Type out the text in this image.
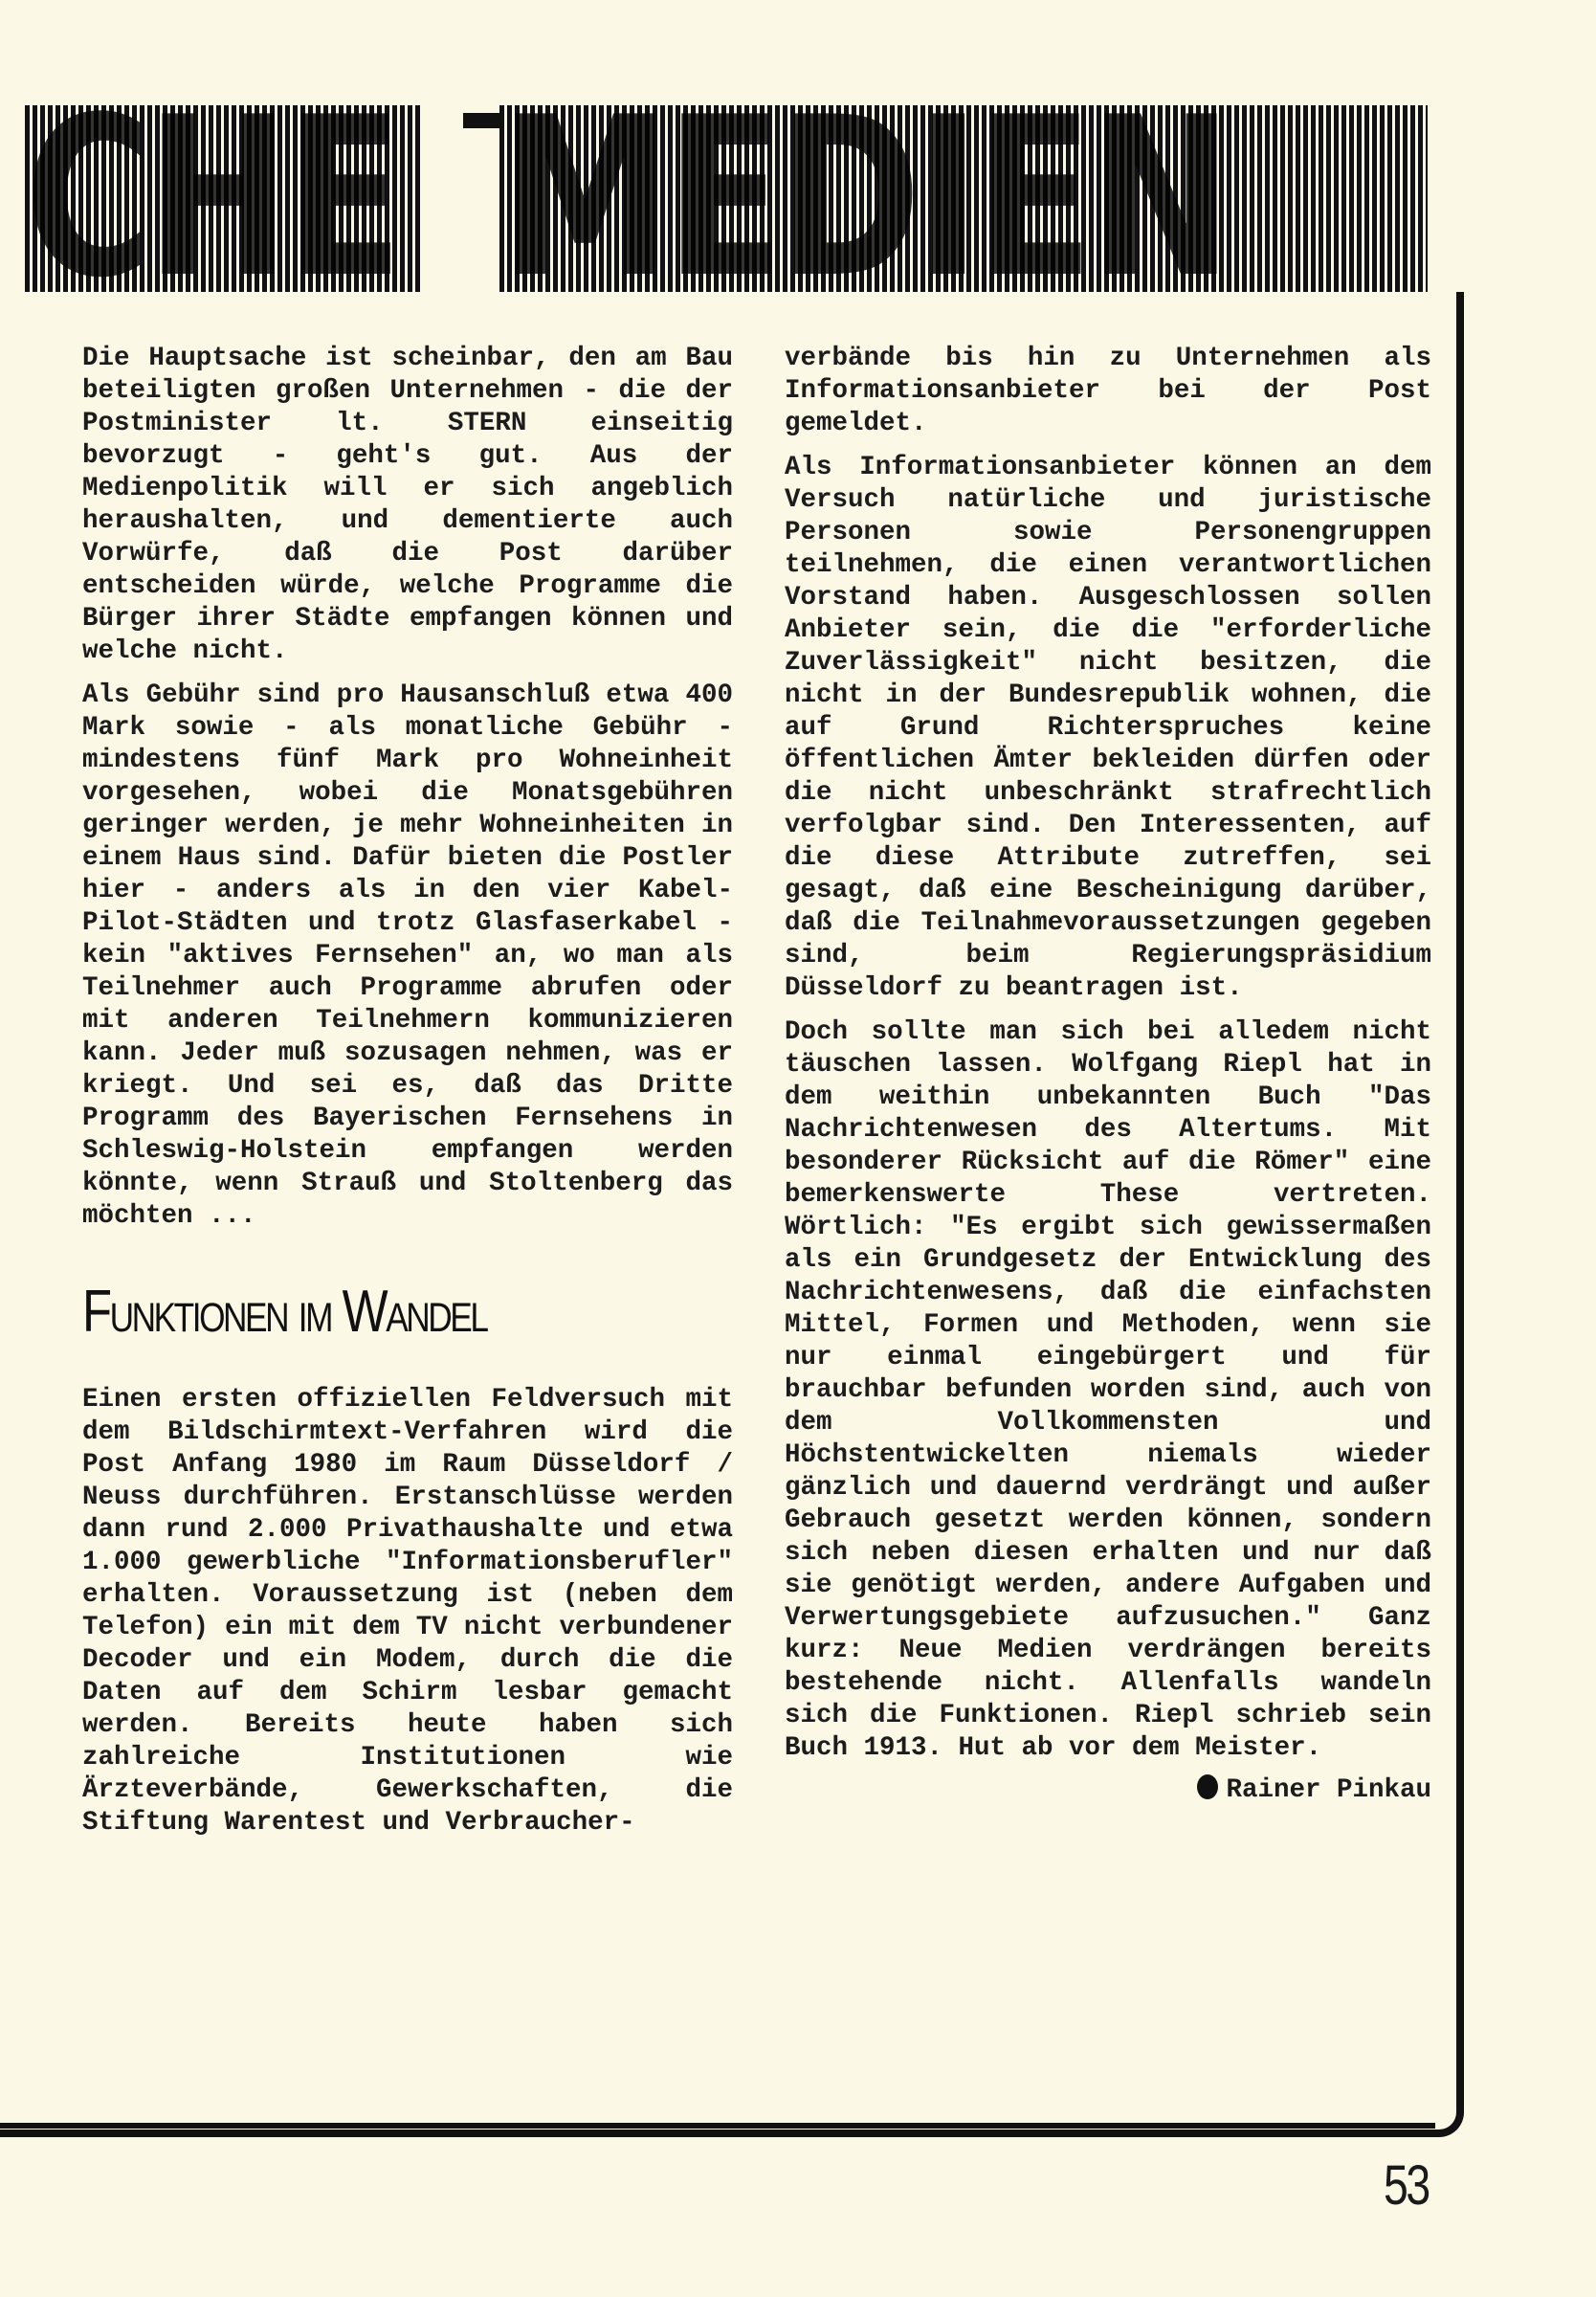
CHE MEDIEN

Die Hauptsache ist scheinbar, den am Bau beteiligten großen Unternehmen - die der Postminister lt. STERN einseitig bevorzugt - geht's gut. Aus der Medienpolitik will er sich angeblich heraushalten, und dementierte auch Vorwürfe, daß die Post darüber entscheiden würde, welche Programme die Bürger ihrer Städte empfangen können und welche nicht.

Als Gebühr sind pro Hausanschluß etwa 400 Mark sowie - als monatliche Gebühr - mindestens fünf Mark pro Wohneinheit vorgesehen, wobei die Monatsgebühren geringer werden, je mehr Wohneinheiten in einem Haus sind. Dafür bieten die Postler hier - anders als in den vier Kabel-Pilot-Städten und trotz Glasfaserkabel - kein "aktives Fernsehen" an, wo man als Teilnehmer auch Programme abrufen oder mit anderen Teilnehmern kommunizieren kann. Jeder muß sozusagen nehmen, was er kriegt. Und sei es, daß das Dritte Programm des Bayerischen Fernsehens in Schleswig-Holstein empfangen werden könnte, wenn Strauß und Stoltenberg das möchten ...

Funktionen im Wandel

Einen ersten offiziellen Feldversuch mit dem Bildschirmtext-Verfahren wird die Post Anfang 1980 im Raum Düsseldorf / Neuss durchführen. Erstanschlüsse werden dann rund 2.000 Privathaushalte und etwa 1.000 gewerbliche "Informationsberufler" erhalten. Voraussetzung ist (neben dem Telefon) ein mit dem TV nicht verbundener Decoder und ein Modem, durch die die Daten auf dem Schirm lesbar gemacht werden. Bereits heute haben sich zahlreiche Institutionen wie Ärzteverbände, Gewerkschaften, die Stiftung Warentest und Verbraucher-

verbände bis hin zu Unternehmen als Informationsanbieter bei der Post gemeldet.

Als Informationsanbieter können an dem Versuch natürliche und juristische Personen sowie Personengruppen teilnehmen, die einen verantwortlichen Vorstand haben. Ausgeschlossen sollen Anbieter sein, die die "erforderliche Zuverlässigkeit" nicht besitzen, die nicht in der Bundesrepublik wohnen, die auf Grund Richterspruches keine öffentlichen Ämter bekleiden dürfen oder die nicht unbeschränkt strafrechtlich verfolgbar sind. Den Interessenten, auf die diese Attribute zutreffen, sei gesagt, daß eine Bescheinigung darüber, daß die Teilnahmevoraussetzungen gegeben sind, beim Regierungspräsidium Düsseldorf zu beantragen ist.

Doch sollte man sich bei alledem nicht täuschen lassen. Wolfgang Riepl hat in dem weithin unbekannten Buch "Das Nachrichtenwesen des Altertums. Mit besonderer Rücksicht auf die Römer" eine bemerkenswerte These vertreten. Wörtlich: "Es ergibt sich gewissermaßen als ein Grundgesetz der Entwicklung des Nachrichtenwesens, daß die einfachsten Mittel, Formen und Methoden, wenn sie nur einmal eingebürgert und für brauchbar befunden worden sind, auch von dem Vollkommensten und Höchstentwickelten niemals wieder gänzlich und dauernd verdrängt und außer Gebrauch gesetzt werden können, sondern sich neben diesen erhalten und nur daß sie genötigt werden, andere Aufgaben und Verwertungsgebiete aufzusuchen." Ganz kurz: Neue Medien verdrängen bereits bestehende nicht. Allenfalls wandeln sich die Funktionen. Riepl schrieb sein Buch 1913. Hut ab vor dem Meister.

Rainer Pinkau
53
